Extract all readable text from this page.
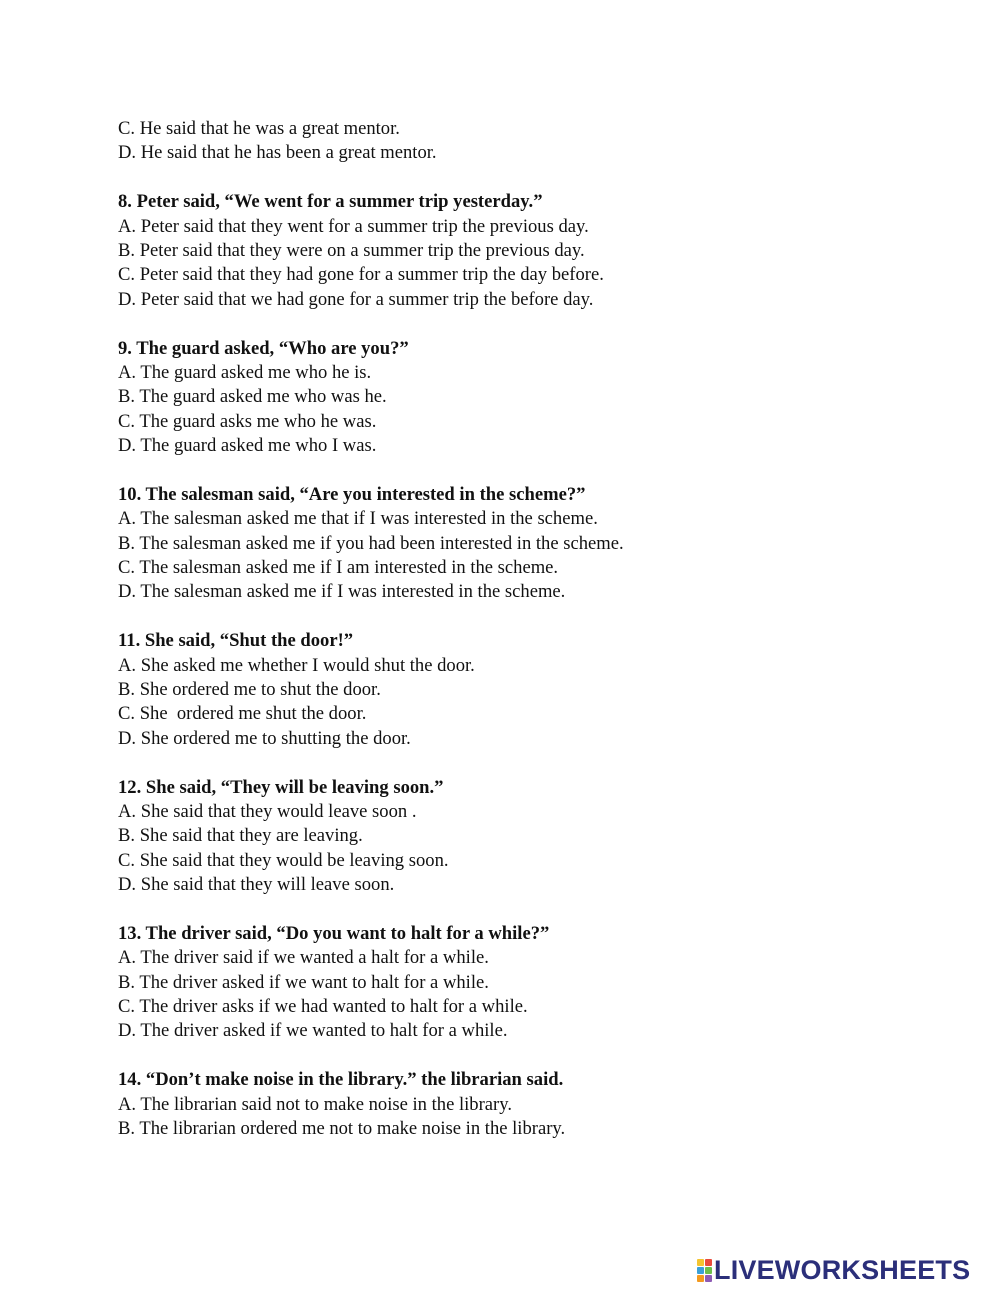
C. He said that he was a great mentor.
D. He said that he has been a great mentor.
8. Peter said, “We went for a summer trip yesterday.”
A. Peter said that they went for a summer trip the previous day.
B. Peter said that they were on a summer trip the previous day.
C. Peter said that they had gone for a summer trip the day before.
D. Peter said that we had gone for a summer trip the before day.
9. The guard asked, “Who are you?”
A. The guard asked me who he is.
B. The guard asked me who was he.
C. The guard asks me who he was.
D. The guard asked me who I was.
10. The salesman said, “Are you interested in the scheme?”
A. The salesman asked me that if I was interested in the scheme.
B. The salesman asked me if you had been interested in the scheme.
C. The salesman asked me if I am interested in the scheme.
D. The salesman asked me if I was interested in the scheme.
11. She said, “Shut the door!”
A. She asked me whether I would shut the door.
B. She ordered me to shut the door.
C. She  ordered me shut the door.
D. She ordered me to shutting the door.
12. She said, “They will be leaving soon.”
A. She said that they would leave soon .
B. She said that they are leaving.
C. She said that they would be leaving soon.
D. She said that they will leave soon.
13. The driver said, “Do you want to halt for a while?”
A. The driver said if we wanted a halt for a while.
B. The driver asked if we want to halt for a while.
C. The driver asks if we had wanted to halt for a while.
D. The driver asked if we wanted to halt for a while.
14. “Don’t make noise in the library.” the librarian said.
A. The librarian said not to make noise in the library.
B. The librarian ordered me not to make noise in the library.
LIVEWORKSHEETS
